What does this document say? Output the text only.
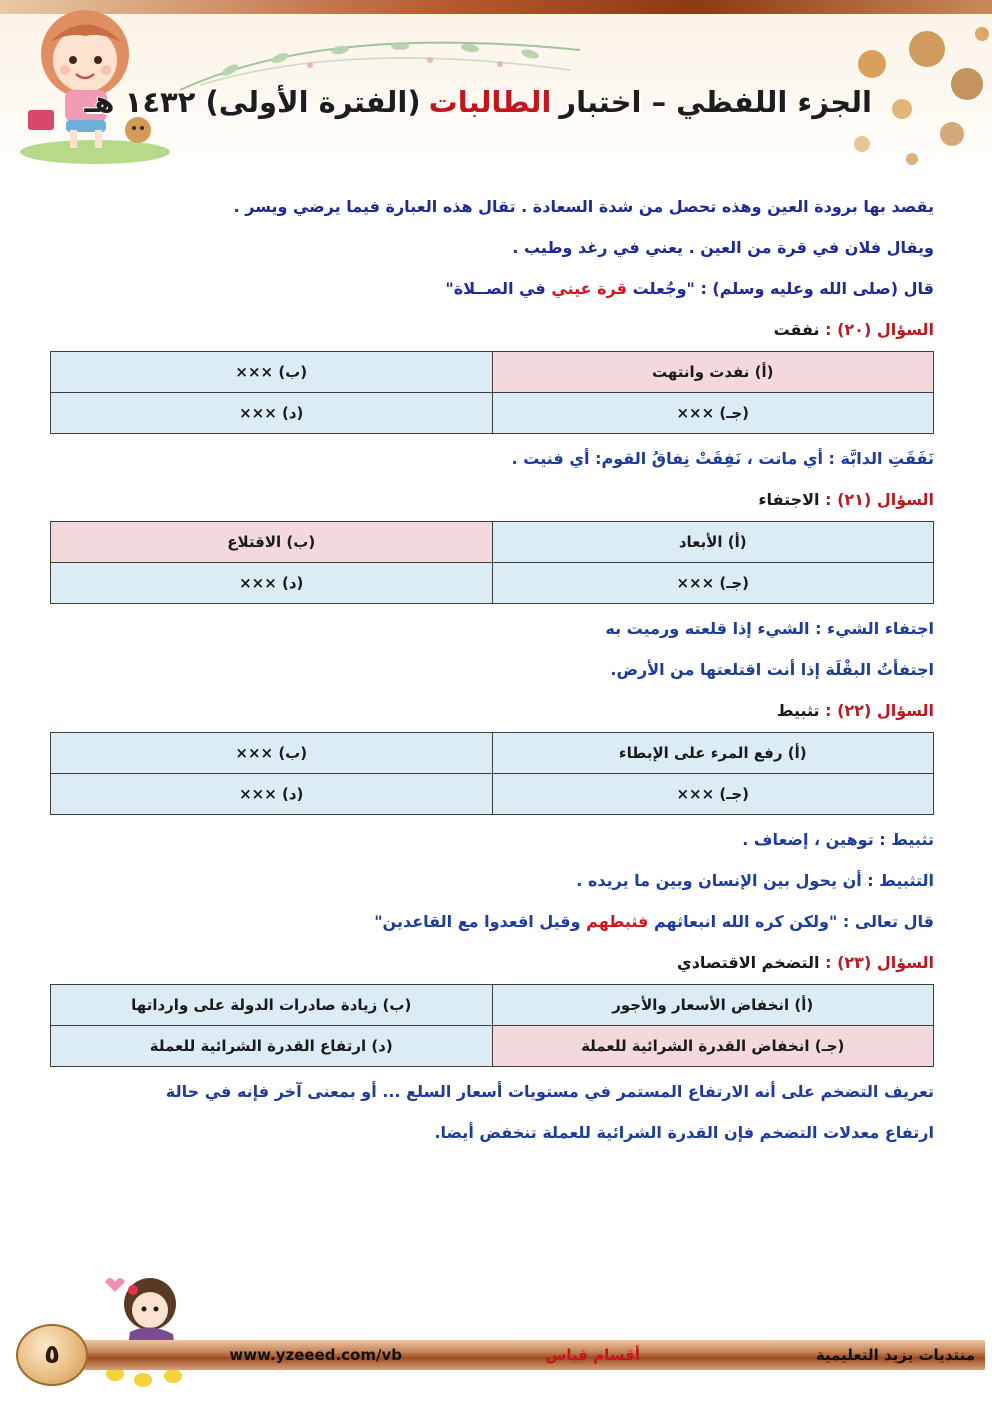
الجزء اللفظي – اختبار
الطالبات
(الفترة الأولى) ١٤٣٢ هـ
يقصد بها برودة العين وهذه تحصل من شدة السعادة . تقال هذه العبارة فيما يرضي ويسر .
ويقال فلان في قرة من العين . يعني في رغد وطيب .
قال (صلى الله وعليه وسلم) : "وجُعلت قرة عيني في الصــلاة"
السؤال (٢٠) : نفقت
(أ) نفدت وانتهت	(ب) ×××
(جـ) ×××	(د) ×××
نَفَقَتِ الدابَّة : أي ماتت ، نَفِقَتْ نِفاقُ القوم: أي فنيت .
السؤال (٢١) : الاجتفاء
(أ) الأبعاد	(ب) الاقتلاع
(جـ) ×××	(د) ×××
اجتفاء الشيء : الشيء إذا قلعته ورميت به
اجتفأتُ البقْلَة إذا أنت اقتلعتها من الأرض.
السؤال (٢٢) : تثبيط
(أ) رفع المرء على الإبطاء	(ب) ×××
(جـ) ×××	(د) ×××
تثبيط : توهين ، إضعاف .
التثبيط : أن يحول بين الإنسان وبين ما يريده .
قال تعالى : "ولكن كره الله انبعاثهم فثبطهم وقيل اقعدوا مع القاعدين"
السؤال (٢٣) : التضخم الاقتصادي
(أ) انخفاض الأسعار والأجور	(ب) زيادة صادرات الدولة على وارداتها
(جـ) انخفاض القدرة الشرائية للعملة	(د) ارتفاع القدرة الشرائية للعملة
تعريف التضخم على أنه الارتفاع المستمر في مستويات أسعار السلع ... أو بمعنى آخر فإنه في حالة
ارتفاع معدلات التضخم فإن القدرة الشرائية للعملة تنخفض أيضا.
منتديات يزيد التعليمية
أقسام قياس
www.yzeeed.com/vb
٥
